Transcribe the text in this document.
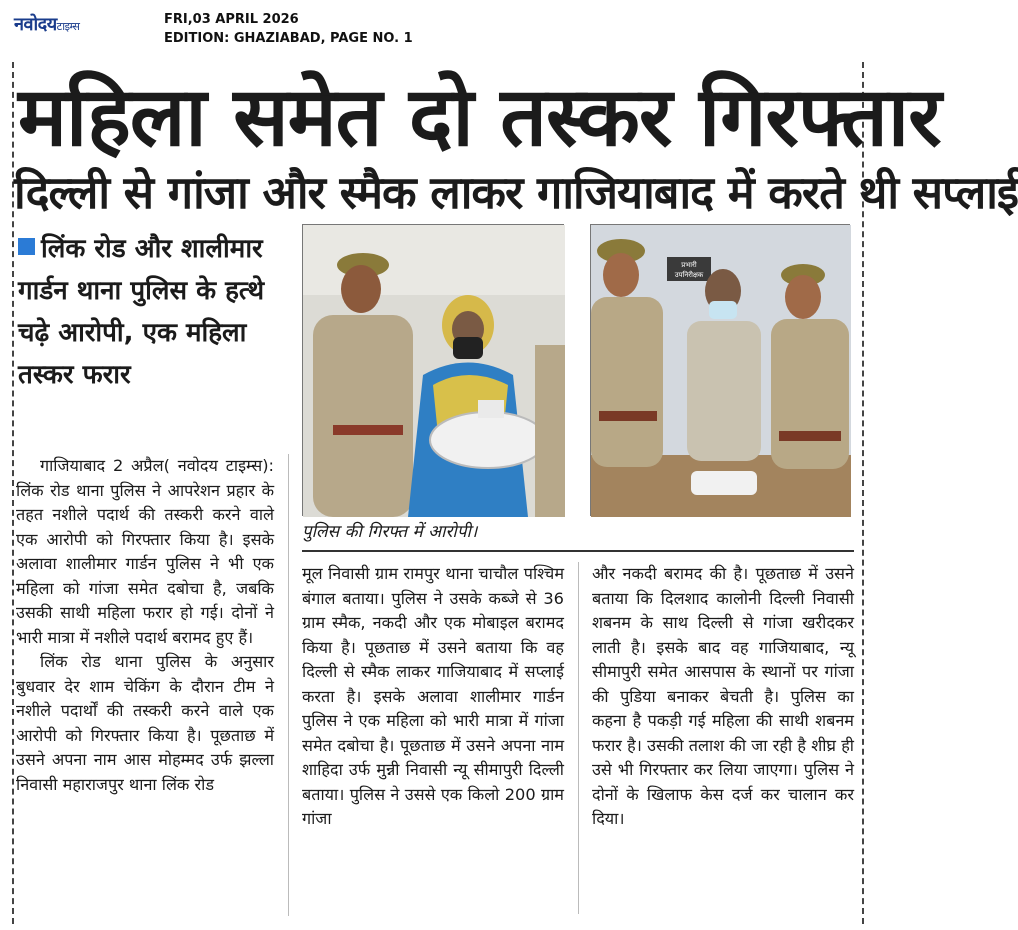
नवोदयटाइम्स	FRI,03 APRIL 2026
EDITION: GHAZIABAD, PAGE NO. 1
महिला समेत दो तस्कर गिरफ्तार
दिल्ली से गांजा और स्मैक लाकर गाजियाबाद में करते थी सप्लाई
लिंक रोड और शालीमार गार्डन थाना पुलिस के हत्थे चढ़े आरोपी, एक महिला तस्कर फरार

गाजियाबाद 2 अप्रैल( नवोदय टाइम्स): लिंक रोड थाना पुलिस ने आपरेशन प्रहार के तहत नशीले पदार्थ की तस्करी करने वाले एक आरोपी को गिरफ्तार किया है। इसके अलावा शालीमार गार्डन पुलिस ने भी एक महिला को गांजा समेत दबोचा है, जबकि उसकी साथी महिला फरार हो गई। दोनों ने भारी मात्रा में नशीले पदार्थ बरामद हुए हैं।

लिंक रोड थाना पुलिस के अनुसार बुधवार देर शाम चेकिंग के दौरान टीम ने नशीले पदार्थों की तस्करी करने वाले एक आरोपी को गिरफ्तार किया है। पूछताछ में उसने अपना नाम आस मोहम्मद उर्फ झल्ला निवासी महाराजपुर थाना लिंक रोड

प्रभारी
उपनिरीक्षक
पुलिस की गिरफ्त में आरोपी।

मूल निवासी ग्राम रामपुर थाना चाचौल पश्चिम बंगाल बताया। पुलिस ने उसके कब्जे से 36 ग्राम स्मैक, नकदी और एक मोबाइल बरामद किया है। पूछताछ में उसने बताया कि वह दिल्ली से स्मैक लाकर गाजियाबाद में सप्लाई करता है। इसके अलावा शालीमार गार्डन पुलिस ने एक महिला को भारी मात्रा में गांजा समेत दबोचा है। पूछताछ में उसने अपना नाम शाहिदा उर्फ मुन्नी निवासी न्यू सीमापुरी दिल्ली बताया। पुलिस ने उससे एक किलो 200 ग्राम गांजा

और नकदी बरामद की है। पूछताछ में उसने बताया कि दिलशाद कालोनी दिल्ली निवासी शबनम के साथ दिल्ली से गांजा खरीदकर लाती है। इसके बाद वह गाजियाबाद, न्यू सीमापुरी समेत आसपास के स्थानों पर गांजा की पुडिया बनाकर बेचती है। पुलिस का कहना है पकड़ी गई महिला की साथी शबनम फरार है। उसकी तलाश की जा रही है शीघ्र ही उसे भी गिरफ्तार कर लिया जाएगा। पुलिस ने दोनों के खिलाफ केस दर्ज कर चालान कर दिया।
